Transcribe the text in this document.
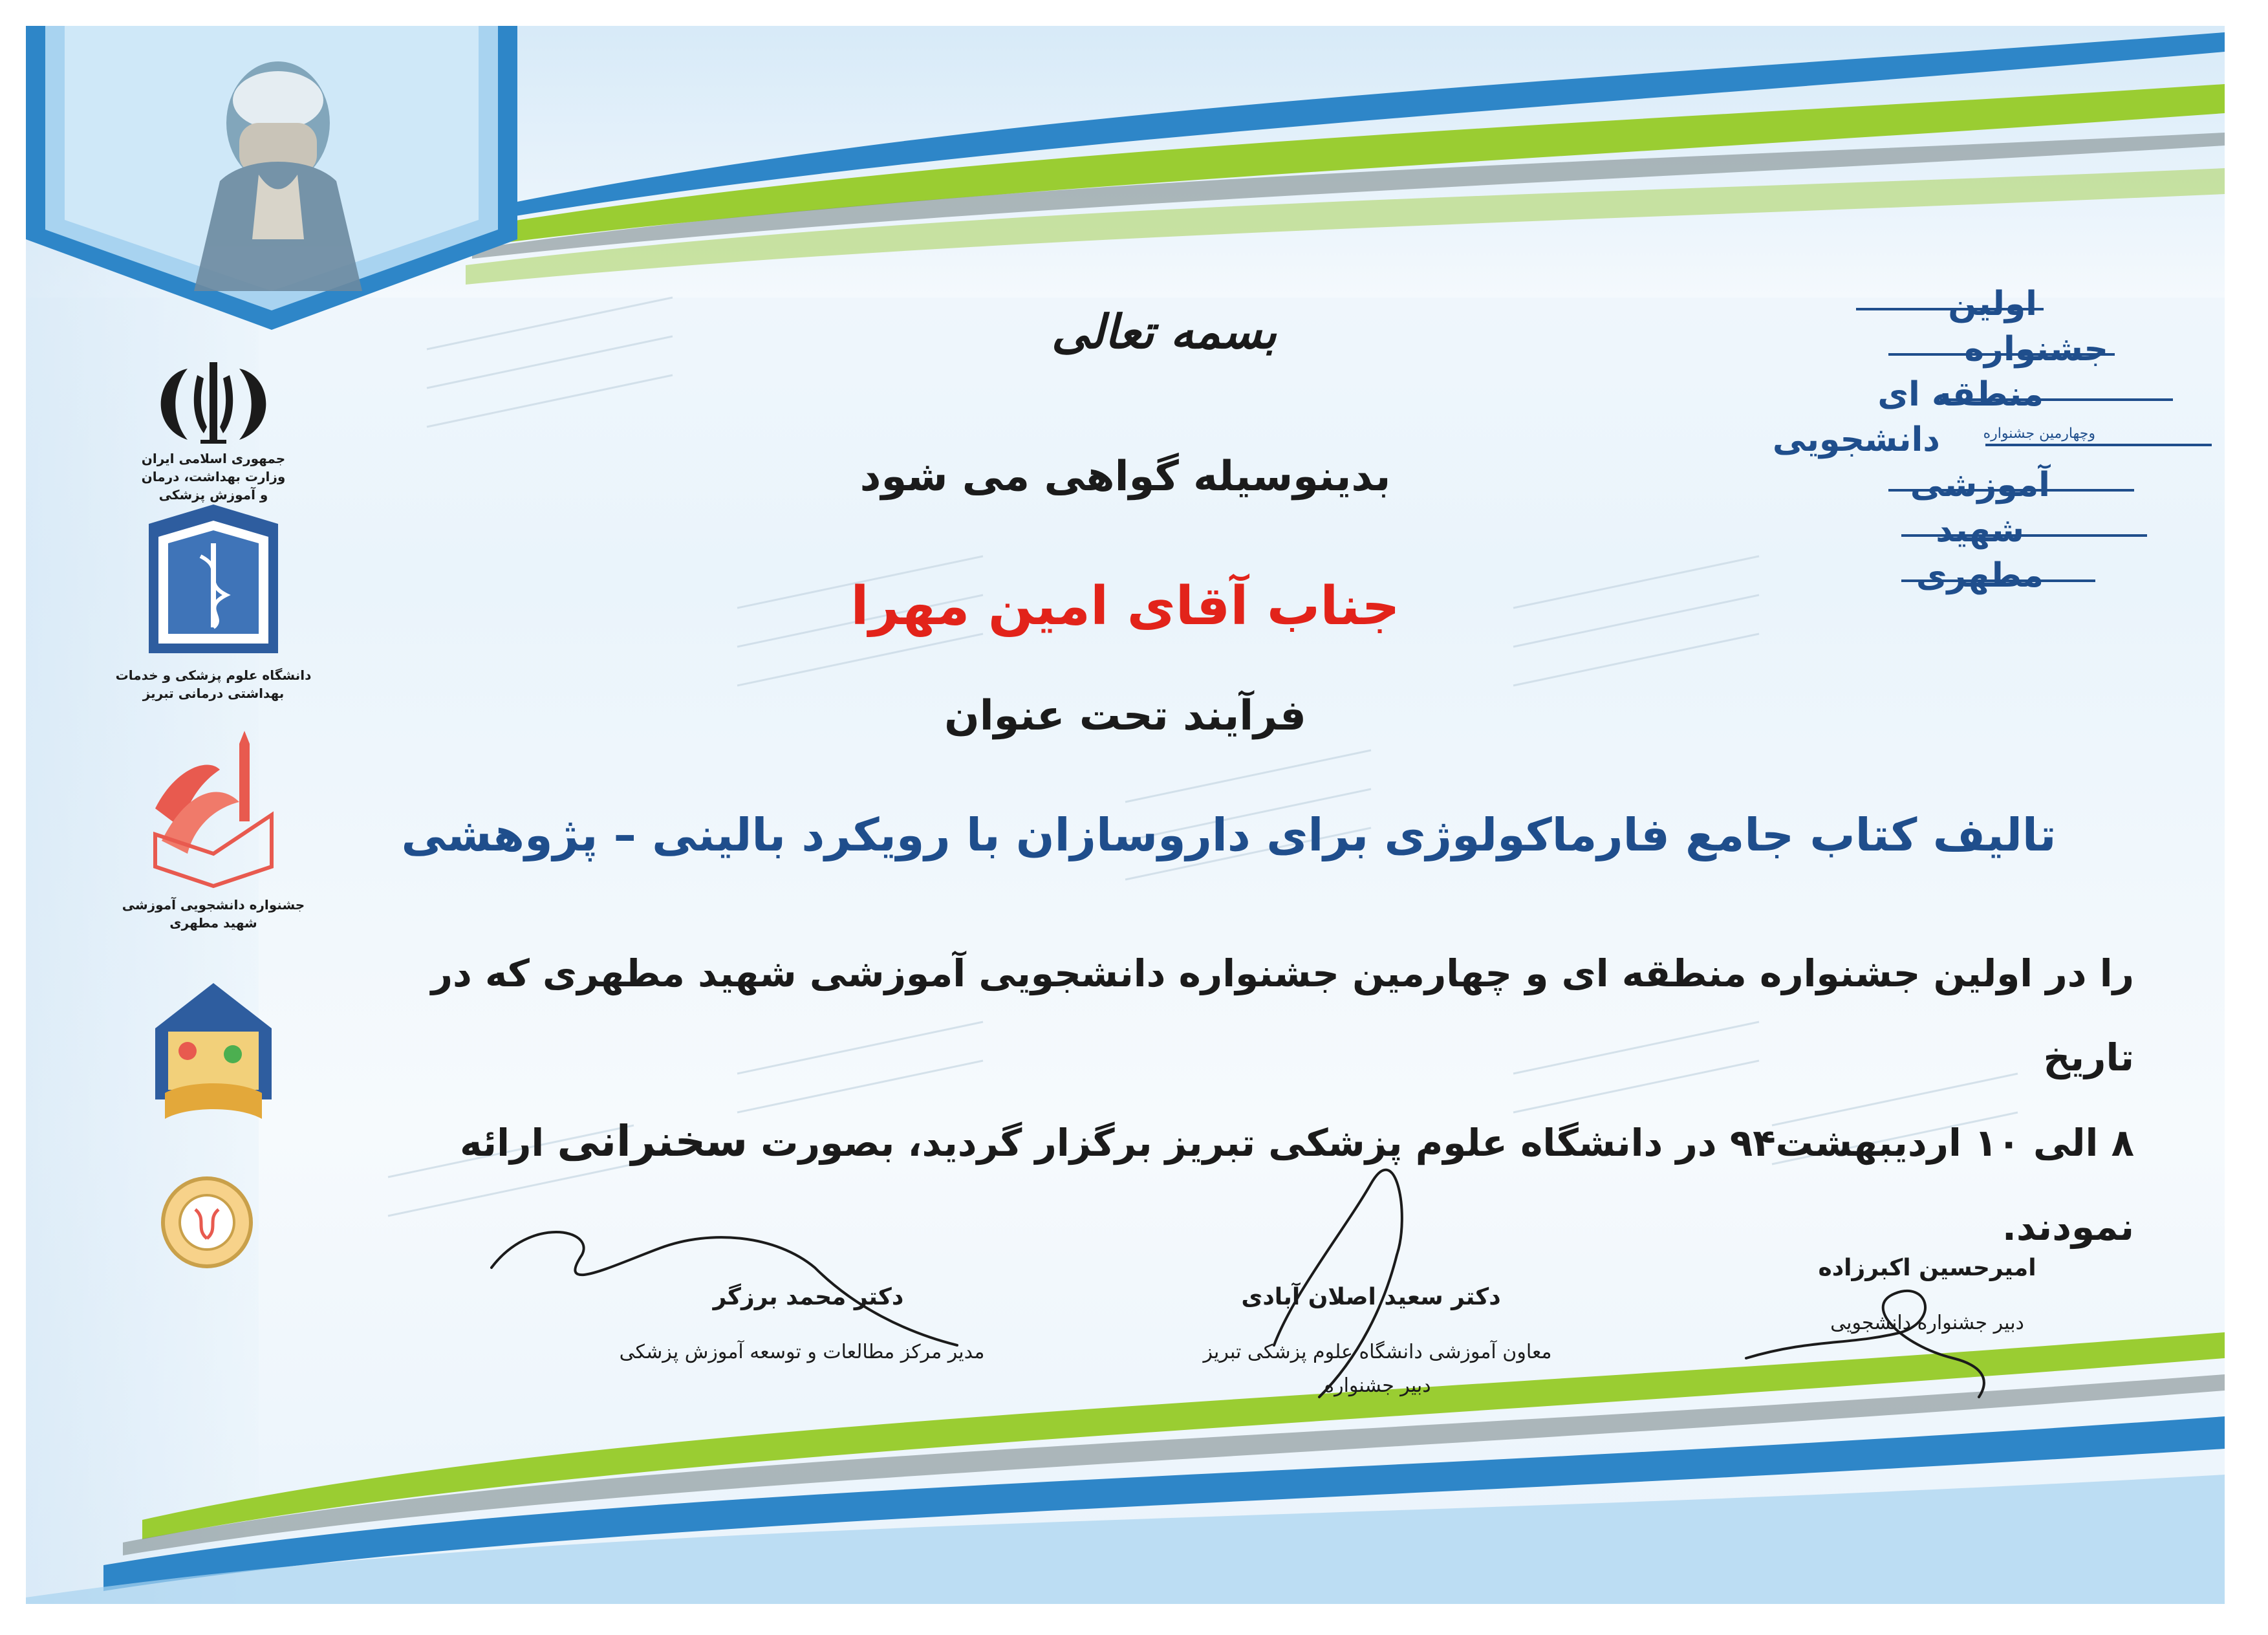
بسمه تعالی
بدینوسیله گواهی می شود
جناب آقای امین مهرا
فرآیند تحت عنوان
تالیف کتاب جامع فارماکولوژی برای داروسازان با رویکرد بالینی – پژوهشی
را در اولین جشنواره منطقه ای و چهارمین جشنواره دانشجویی آموزشی شهید مطهری که در تاریخ
۸ الی ۱۰ اردیبهشت۹۴ در دانشگاه علوم پزشکی تبریز برگزار گردید، بصورت سخنرانی ارائه نمودند.
اولین
جشنواره
منطقه ای
وچهارمین جشنواره
دانشجویی
آموزشی
شهید
مطهری
جمهوری اسلامی ایران
وزارت بهداشت، درمان
و آموزش پزشکی
دانشگاه علوم پزشکی و خدمات
بهداشتی درمانی تبریز
جشنواره دانشجویی آموزشی
شهید مطهری
دکتر محمد برزگر
مدیر مرکز مطالعات و توسعه آموزش پزشکی
دکتر سعید اصلان آبادی
معاون آموزشی دانشگاه علوم پزشکی تبریز
دبیر جشنواره
امیرحسین اکبرزاده
دبیر جشنواره دانشجویی
